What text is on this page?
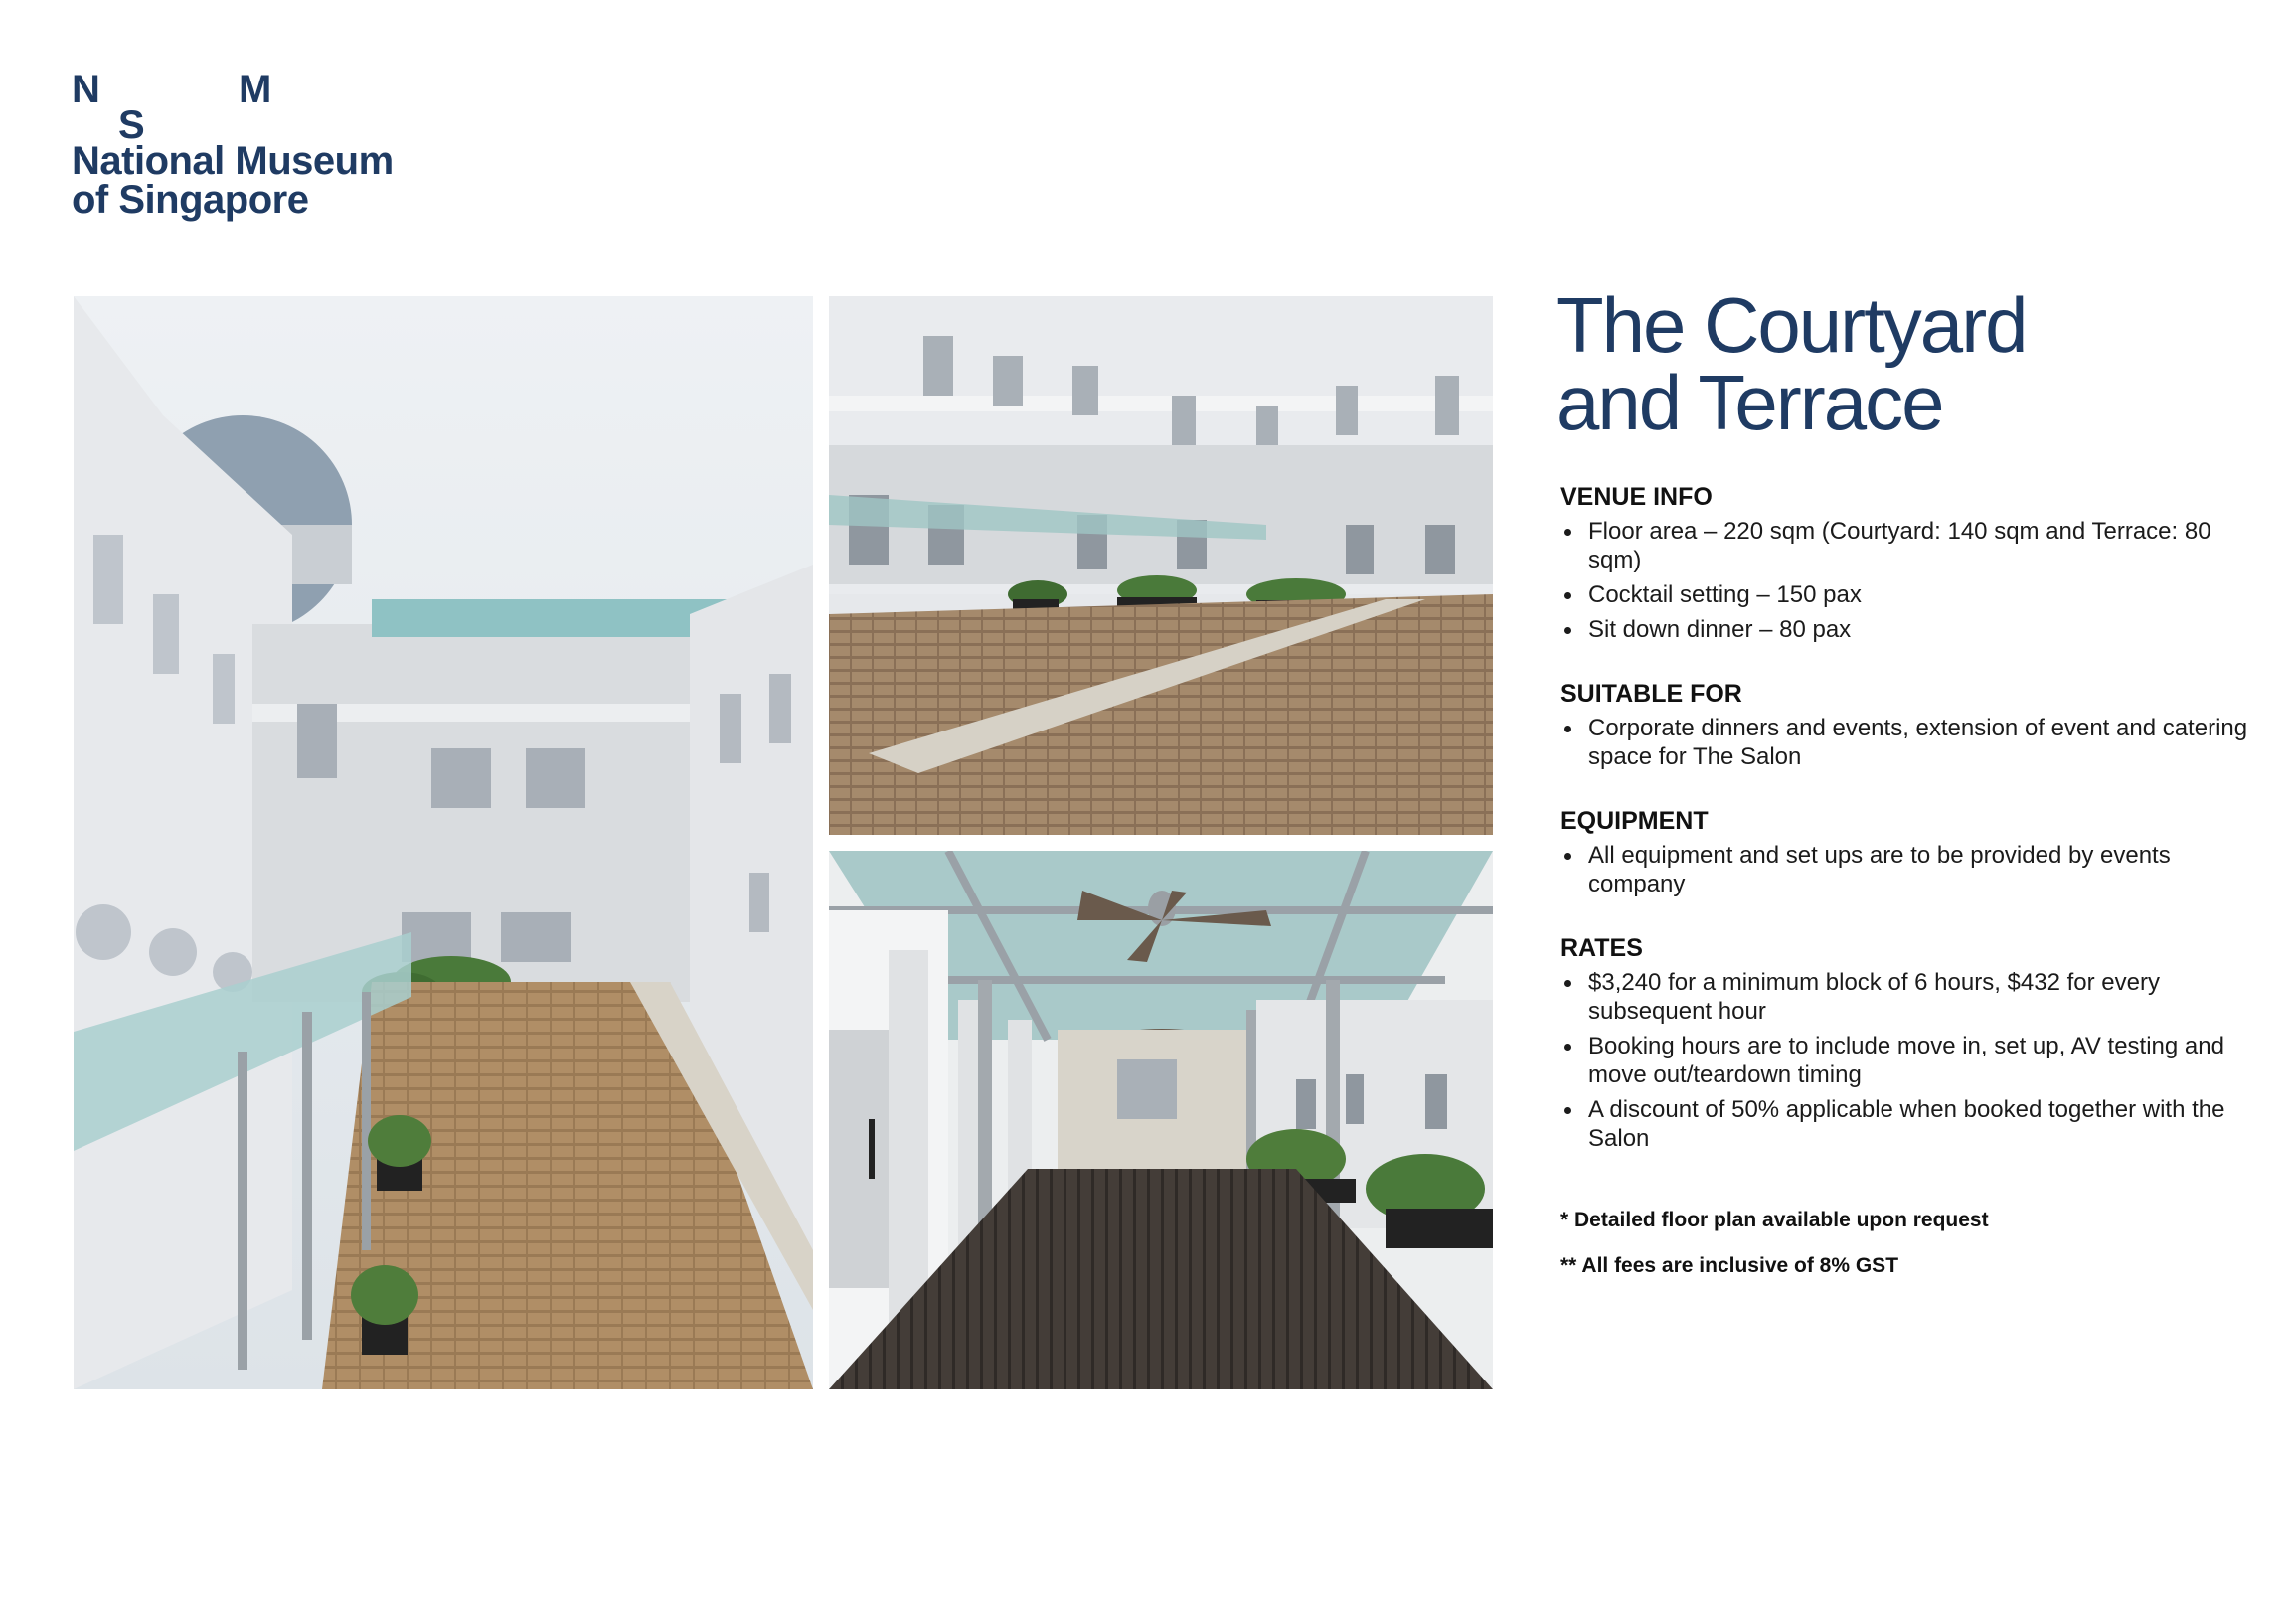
N	M
S
National Museum
of Singapore
The Courtyard
and Terrace
VENUE INFO
Floor area – 220 sqm (Courtyard: 140 sqm and Terrace: 80 sqm)
Cocktail setting – 150 pax
Sit down dinner – 80 pax
SUITABLE FOR
Corporate dinners and events, extension of event and catering space for The Salon
EQUIPMENT
All equipment and set ups are to be provided by events company
RATES
$3,240 for a minimum block of 6 hours, $432 for every subsequent hour
Booking hours are to include move in, set up, AV testing and move out/teardown timing
A discount of 50% applicable when booked together with the Salon

* Detailed floor plan available upon request

** All fees are inclusive of 8% GST
